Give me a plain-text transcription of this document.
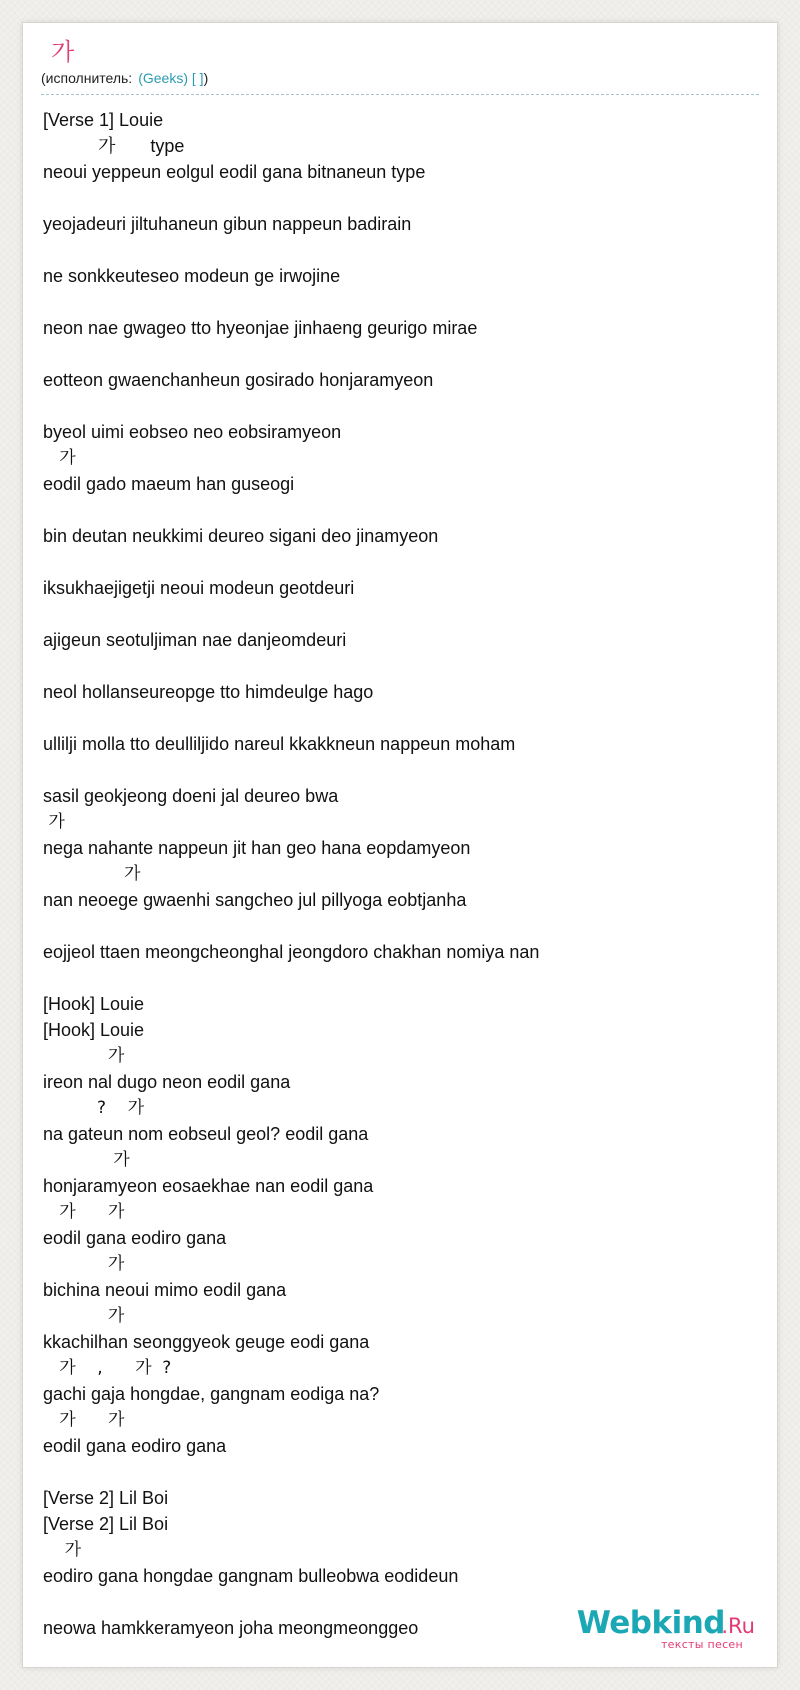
가
(исполнитель: (Geeks) [ ])
[Verse 1] Louie
가       type
neoui yeppeun eolgul eodil gana bitnaneun type
yeojadeuri jiltuhaneun gibun nappeun badirain
ne sonkkeuteseo modeun ge irwojine
neon nae gwageo tto hyeonjae jinhaeng geurigo mirae
eotteon gwaenchanheun gosirado honjaramyeon
byeol uimi eobseo neo eobsiramyeon
가
eodil gado maeum han guseogi
bin deutan neukkimi deureo sigani deo jinamyeon
iksukhaejigetji neoui modeun geotdeuri
ajigeun seotuljiman nae danjeomdeuri
neol hollanseureopge tto himdeulge hago
ullilji molla tto deulliljido nareul kkakkneun nappeun moham
sasil geokjeong doeni jal deureo bwa
가
nega nahante nappeun jit han geo hana eopdamyeon
가
nan neoege gwaenhi sangcheo jul pillyoga eobtjanha
eojjeol ttaen meongcheonghal jeongdoro chakhan nomiya nan
[Hook] Louie
[Hook] Louie
가
ireon nal dugo neon eodil gana
?    가
na gateun nom eobseul geol? eodil gana
가
honjaramyeon eosaekhae nan eodil gana
가      가
eodil gana eodiro gana
가
bichina neoui mimo eodil gana
가
kkachilhan seonggyeok geuge eodi gana
가    ,      가  ?
gachi gaja hongdae, gangnam eodiga na?
가      가
eodil gana eodiro gana
[Verse 2] Lil Boi
[Verse 2] Lil Boi
가
eodiro gana hongdae gangnam bulleobwa eodideun
neowa hamkkeramyeon joha meongmeonggeo	Webkind
.Ru
тексты песен
